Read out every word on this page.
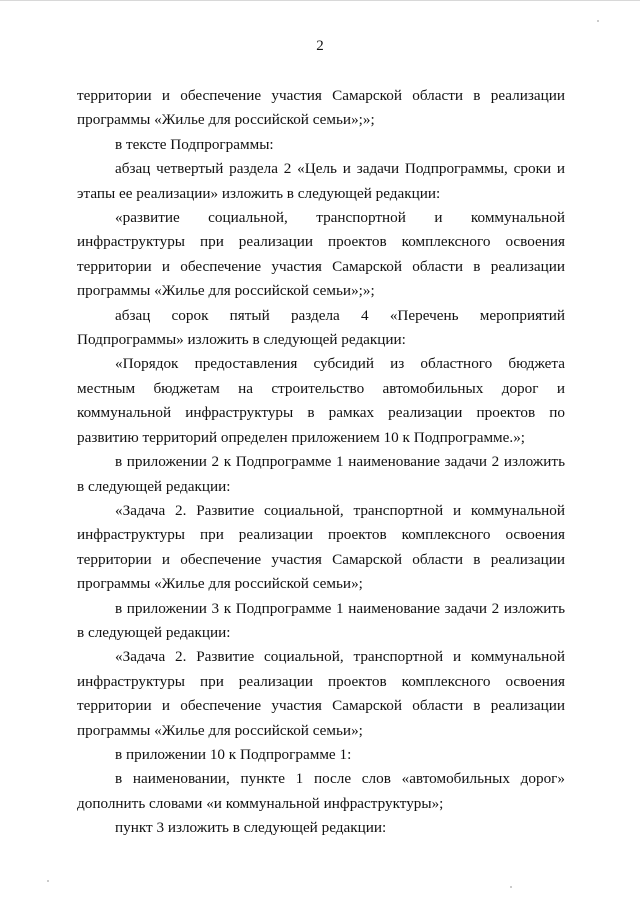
2

территории и обеспечение участия Самарской области в реализации программы «Жилье для российской семьи»;»;

в тексте Подпрограммы:

абзац четвертый раздела 2 «Цель и задачи Подпрограммы, сроки и этапы ее реализации» изложить в следующей редакции:

«развитие социальной, транспортной и коммунальной инфраструктуры при реализации проектов комплексного освоения территории и обеспечение участия Самарской области в реализации программы «Жилье для российской семьи»;»;

абзац сорок пятый раздела 4 «Перечень мероприятий Подпрограммы» изложить в следующей редакции:

«Порядок предоставления субсидий из областного бюджета местным бюджетам на строительство автомобильных дорог и коммунальной инфраструктуры в рамках реализации проектов по развитию территорий определен приложением 10 к Подпрограмме.»;

в приложении 2 к Подпрограмме 1 наименование задачи 2 изложить в следующей редакции:

«Задача 2. Развитие социальной, транспортной и коммунальной инфраструктуры при реализации проектов комплексного освоения территории и обеспечение участия Самарской области в реализации программы «Жилье для российской семьи»;

в приложении 3 к Подпрограмме 1 наименование задачи 2 изложить в следующей редакции:

«Задача 2. Развитие социальной, транспортной и коммунальной инфраструктуры при реализации проектов комплексного освоения территории и обеспечение участия Самарской области в реализации программы «Жилье для российской семьи»;

в приложении 10 к Подпрограмме 1:

в наименовании, пункте 1 после слов «автомобильных дорог» дополнить словами «и коммунальной инфраструктуры»;

пункт 3 изложить в следующей редакции:
